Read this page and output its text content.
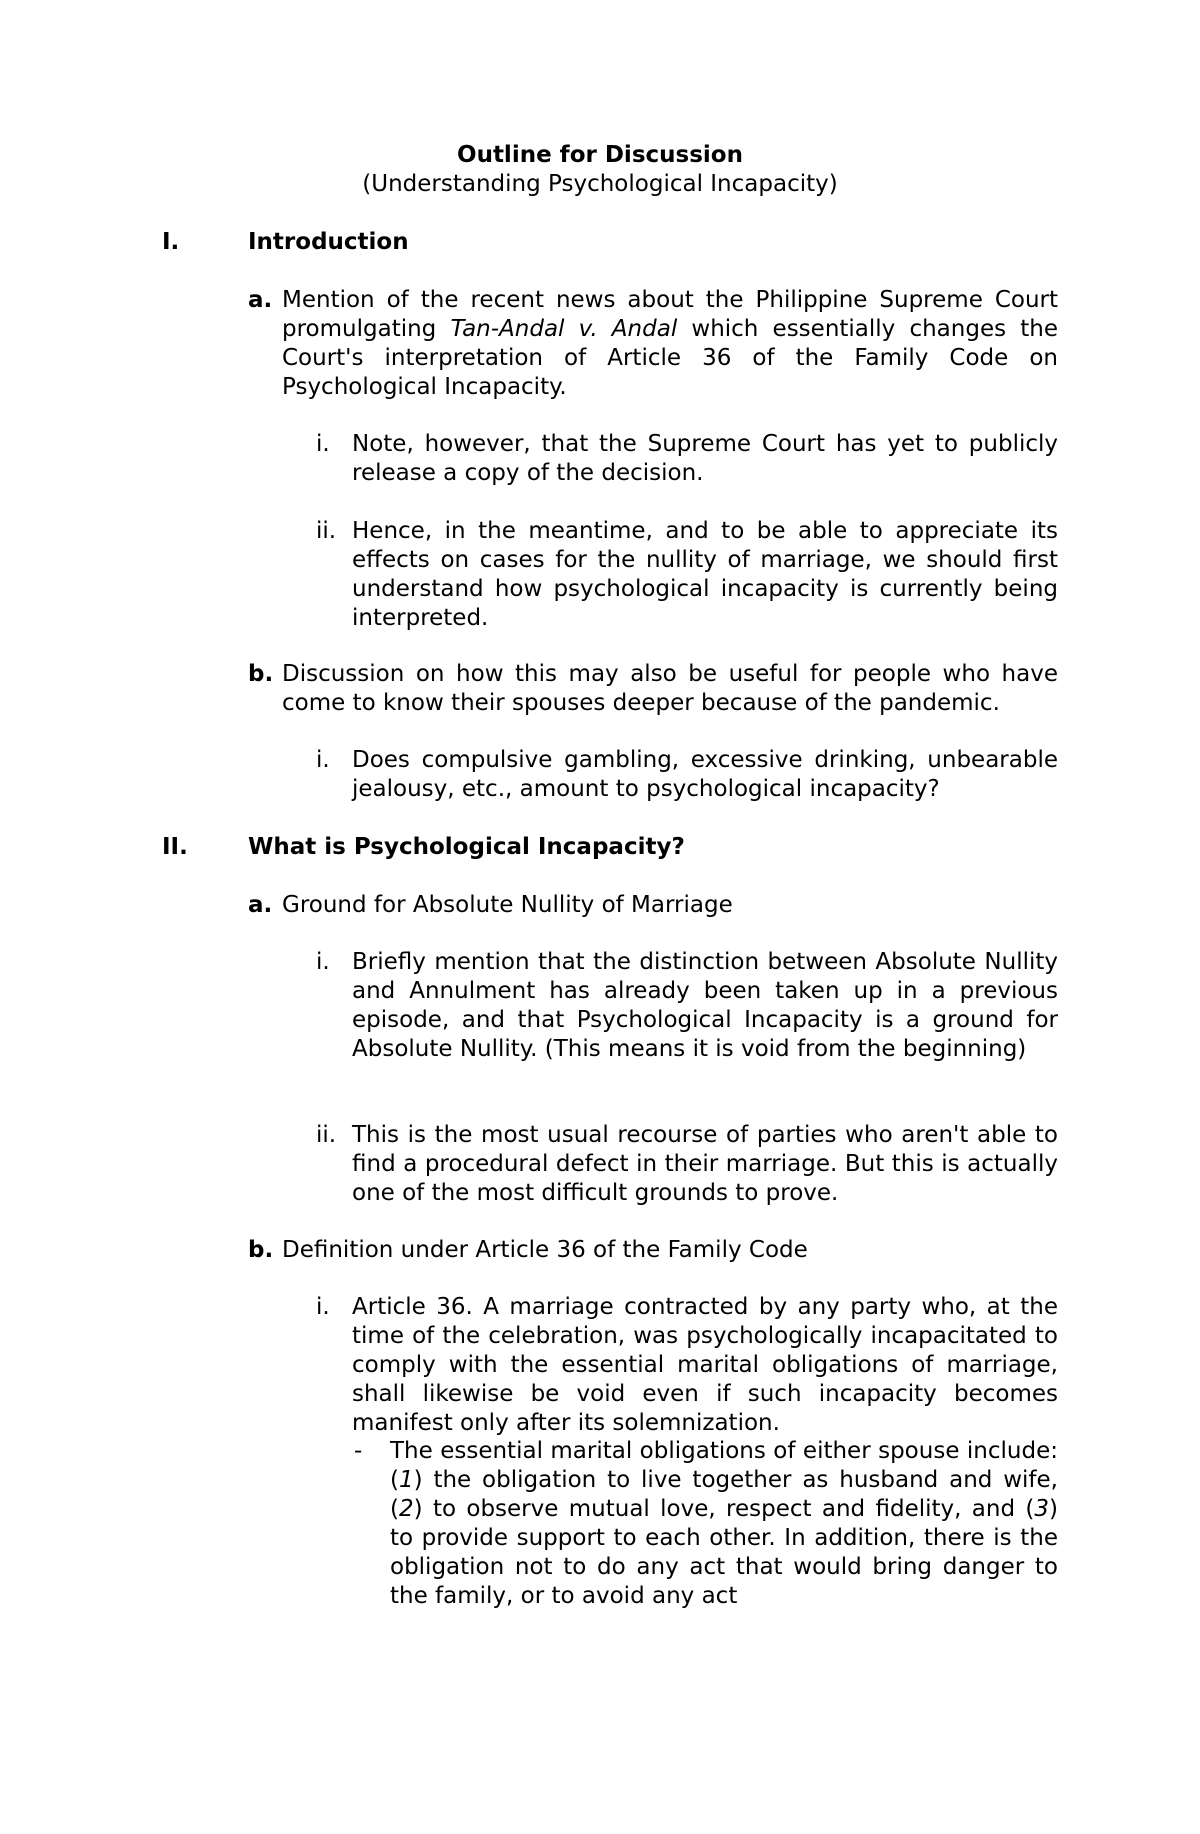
Outline for Discussion
(Understanding Psychological Incapacity)
I.	Introduction
a. Mention of the recent news about the Philippine Supreme Court promulgating Tan-Andal v. Andal which essentially changes the Court's interpretation of Article 36 of the Family Code on Psychological Incapacity.
i. Note, however, that the Supreme Court has yet to publicly release a copy of the decision.
ii. Hence, in the meantime, and to be able to appreciate its effects on cases for the nullity of marriage, we should first understand how psychological incapacity is currently being interpreted.
b. Discussion on how this may also be useful for people who have come to know their spouses deeper because of the pandemic.
i. Does compulsive gambling, excessive drinking, unbearable jealousy, etc., amount to psychological incapacity?
II.	What is Psychological Incapacity?
a. Ground for Absolute Nullity of Marriage
i. Briefly mention that the distinction between Absolute Nullity and Annulment has already been taken up in a previous episode, and that Psychological Incapacity is a ground for Absolute Nullity. (This means it is void from the beginning)
ii. This is the most usual recourse of parties who aren't able to find a procedural defect in their marriage. But this is actually one of the most difficult grounds to prove.
b. Definition under Article 36 of the Family Code
i. Article 36. A marriage contracted by any party who, at the time of the celebration, was psychologically incapacitated to comply with the essential marital obligations of marriage, shall likewise be void even if such incapacity becomes manifest only after its solemnization.
-	The essential marital obligations of either spouse include: (1) the obligation to live together as husband and wife, (2) to observe mutual love, respect and fidelity, and (3) to provide support to each other. In addition, there is the obligation not to do any act that would bring danger to the family, or to avoid any act
